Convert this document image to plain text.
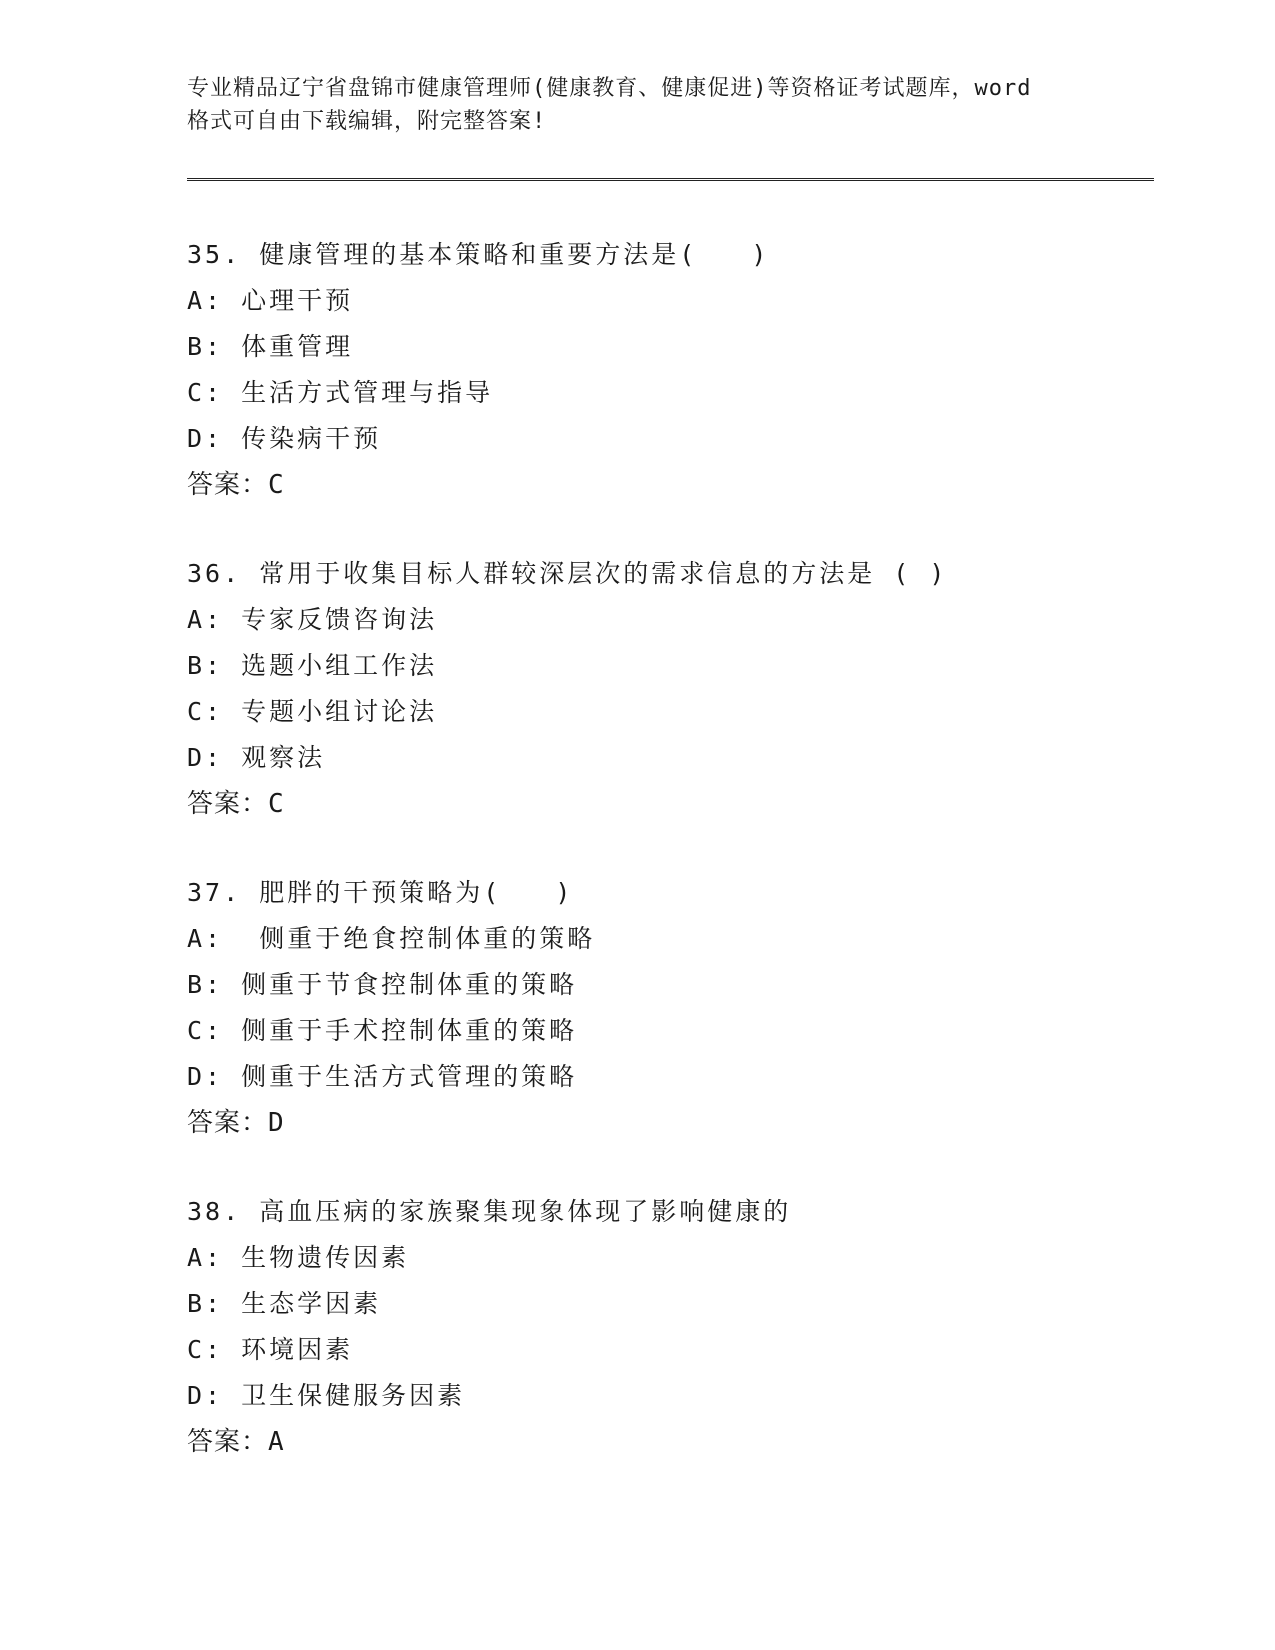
专业精品辽宁省盘锦市健康管理师(健康教育、健康促进)等资格证考试题库，word
格式可自由下载编辑，附完整答案!
35. 健康管理的基本策略和重要方法是(   )
A: 心理干预
B: 体重管理
C: 生活方式管理与指导
D: 传染病干预
答案：C
36. 常用于收集目标人群较深层次的需求信息的方法是 ( )
A: 专家反馈咨询法
B: 选题小组工作法
C: 专题小组讨论法
D: 观察法
答案：C
37. 肥胖的干预策略为(   )
A:  侧重于绝食控制体重的策略
B: 侧重于节食控制体重的策略
C: 侧重于手术控制体重的策略
D: 侧重于生活方式管理的策略
答案：D
38. 高血压病的家族聚集现象体现了影响健康的
A: 生物遗传因素
B: 生态学因素
C: 环境因素
D: 卫生保健服务因素
答案：A
